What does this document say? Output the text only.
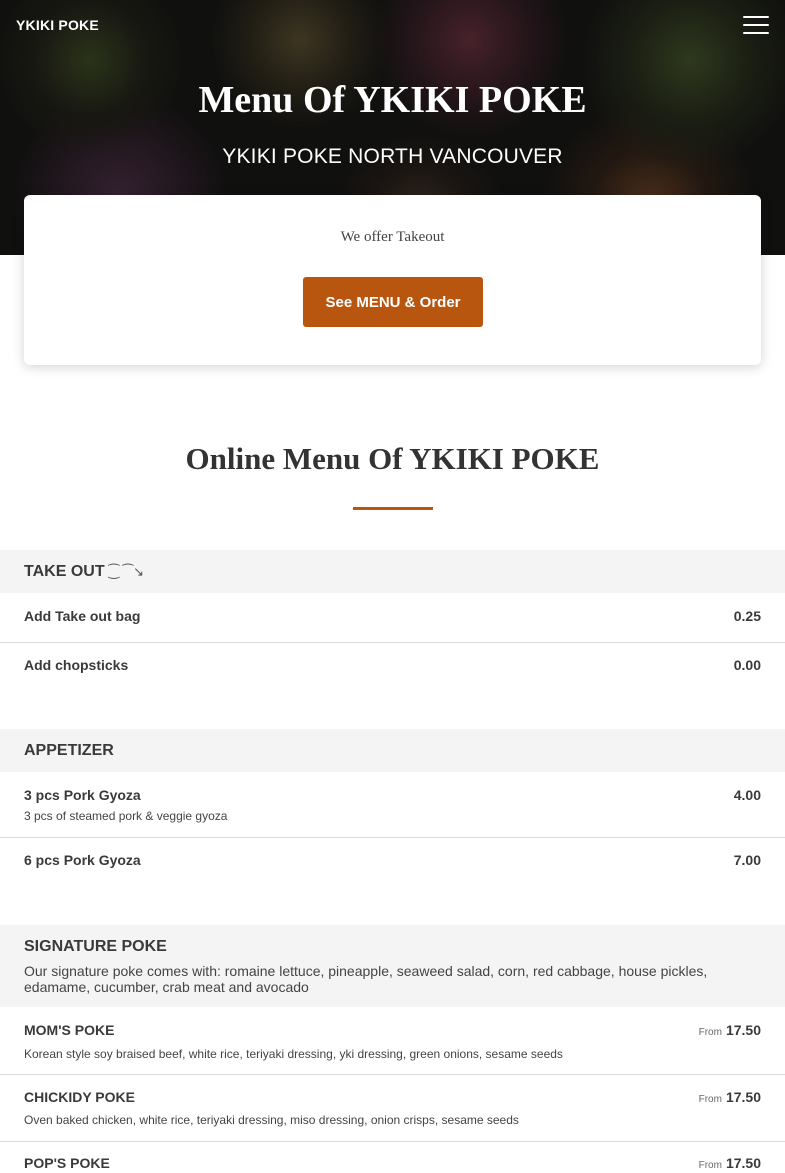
YKIKI POKE
Menu Of YKIKI POKE
YKIKI POKE NORTH VANCOUVER
We offer Takeout
See MENU & Order
Online Menu Of YKIKI POKE
TAKE OUT ⁐ ⁀↘
Add Take out bag	0.25
Add chopsticks	0.00
APPETIZER
3 pcs Pork Gyoza	4.00
3 pcs of steamed pork & veggie gyoza
6 pcs Pork Gyoza	7.00
SIGNATURE POKE
Our signature poke comes with: romaine lettuce, pineapple, seaweed salad, corn, red cabbage, house pickles, edamame, cucumber, crab meat and avocado
MOM'S POKE	From 17.50
Korean style soy braised beef, white rice, teriyaki dressing, yki dressing, green onions, sesame seeds
CHICKIDY POKE	From 17.50
Oven baked chicken, white rice, teriyaki dressing, miso dressing, onion crisps, sesame seeds
POP'S POKE	From 17.50
